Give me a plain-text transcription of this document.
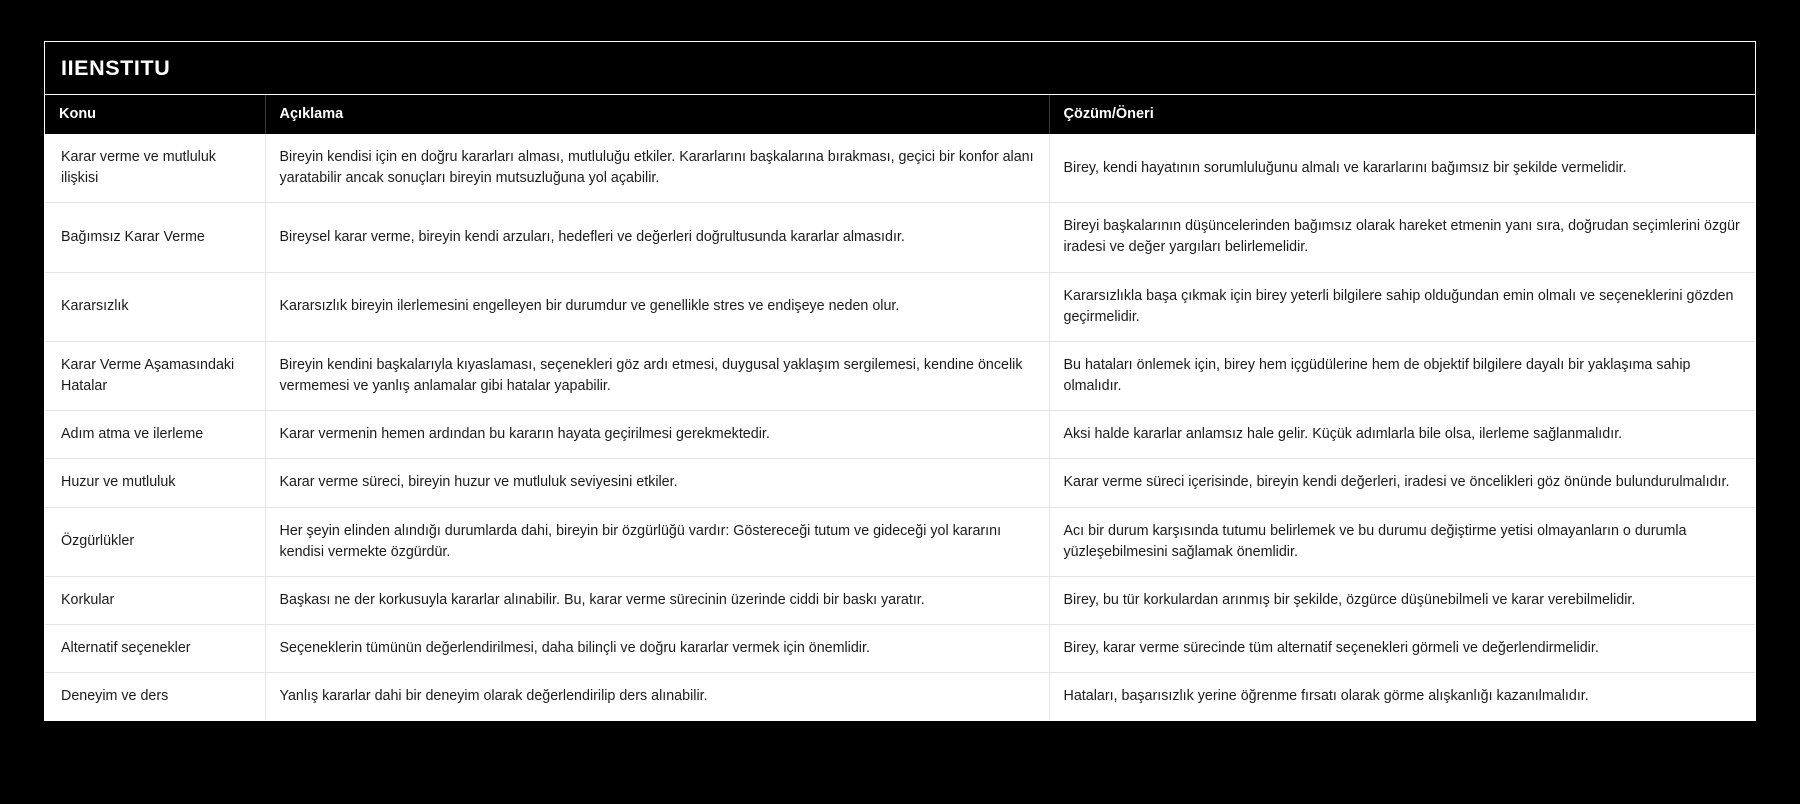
IIENSTITU
Konu	Açıklama	Çözüm/Öneri
Karar verme ve mutluluk ilişkisi	Bireyin kendisi için en doğru kararları alması, mutluluğu etkiler. Kararlarını başkalarına bırakması, geçici bir konfor alanı yaratabilir ancak sonuçları bireyin mutsuzluğuna yol açabilir.	Birey, kendi hayatının sorumluluğunu almalı ve kararlarını bağımsız bir şekilde vermelidir.
Bağımsız Karar Verme	Bireysel karar verme, bireyin kendi arzuları, hedefleri ve değerleri doğrultusunda kararlar almasıdır.	Bireyi başkalarının düşüncelerinden bağımsız olarak hareket etmenin yanı sıra, doğrudan seçimlerini özgür iradesi ve değer yargıları belirlemelidir.
Kararsızlık	Kararsızlık bireyin ilerlemesini engelleyen bir durumdur ve genellikle stres ve endişeye neden olur.	Kararsızlıkla başa çıkmak için birey yeterli bilgilere sahip olduğundan emin olmalı ve seçeneklerini gözden geçirmelidir.
Karar Verme Aşamasındaki Hatalar	Bireyin kendini başkalarıyla kıyaslaması, seçenekleri göz ardı etmesi, duygusal yaklaşım sergilemesi, kendine öncelik vermemesi ve yanlış anlamalar gibi hatalar yapabilir.	Bu hataları önlemek için, birey hem içgüdülerine hem de objektif bilgilere dayalı bir yaklaşıma sahip olmalıdır.
Adım atma ve ilerleme	Karar vermenin hemen ardından bu kararın hayata geçirilmesi gerekmektedir.	Aksi halde kararlar anlamsız hale gelir. Küçük adımlarla bile olsa, ilerleme sağlanmalıdır.
Huzur ve mutluluk	Karar verme süreci, bireyin huzur ve mutluluk seviyesini etkiler.	Karar verme süreci içerisinde, bireyin kendi değerleri, iradesi ve öncelikleri göz önünde bulundurulmalıdır.
Özgürlükler	Her şeyin elinden alındığı durumlarda dahi, bireyin bir özgürlüğü vardır: Göstereceği tutum ve gideceği yol kararını kendisi vermekte özgürdür.	Acı bir durum karşısında tutumu belirlemek ve bu durumu değiştirme yetisi olmayanların o durumla yüzleşebilmesini sağlamak önemlidir.
Korkular	Başkası ne der korkusuyla kararlar alınabilir. Bu, karar verme sürecinin üzerinde ciddi bir baskı yaratır.	Birey, bu tür korkulardan arınmış bir şekilde, özgürce düşünebilmeli ve karar verebilmelidir.
Alternatif seçenekler	Seçeneklerin tümünün değerlendirilmesi, daha bilinçli ve doğru kararlar vermek için önemlidir.	Birey, karar verme sürecinde tüm alternatif seçenekleri görmeli ve değerlendirmelidir.
Deneyim ve ders	Yanlış kararlar dahi bir deneyim olarak değerlendirilip ders alınabilir.	Hataları, başarısızlık yerine öğrenme fırsatı olarak görme alışkanlığı kazanılmalıdır.
